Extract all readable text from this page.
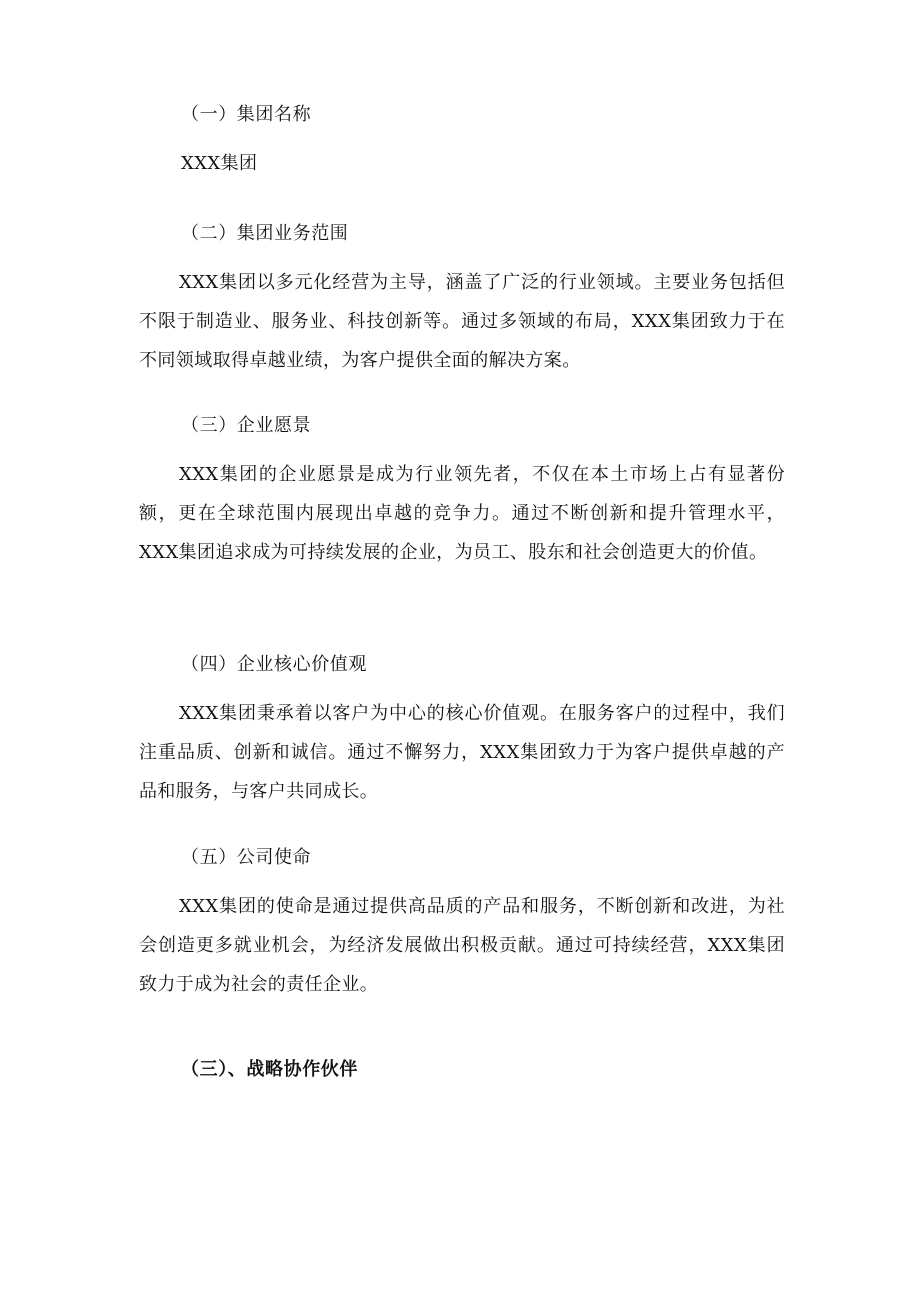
（一）集团名称

XXX集团

（二）集团业务范围

XXX集团以多元化经营为主导，涵盖了广泛的行业领域。主要业务包括但不限于制造业、服务业、科技创新等。通过多领域的布局，XXX集团致力于在不同领域取得卓越业绩，为客户提供全面的解决方案。

（三）企业愿景

XXX集团的企业愿景是成为行业领先者，不仅在本土市场上占有显著份额，更在全球范围内展现出卓越的竞争力。通过不断创新和提升管理水平，XXX集团追求成为可持续发展的企业，为员工、股东和社会创造更大的价值。

（四）企业核心价值观

XXX集团秉承着以客户为中心的核心价值观。在服务客户的过程中，我们注重品质、创新和诚信。通过不懈努力，XXX集团致力于为客户提供卓越的产品和服务，与客户共同成长。

（五）公司使命

XXX集团的使命是通过提供高品质的产品和服务，不断创新和改进，为社会创造更多就业机会，为经济发展做出积极贡献。通过可持续经营，XXX集团致力于成为社会的责任企业。

（三）、战略协作伙伴
